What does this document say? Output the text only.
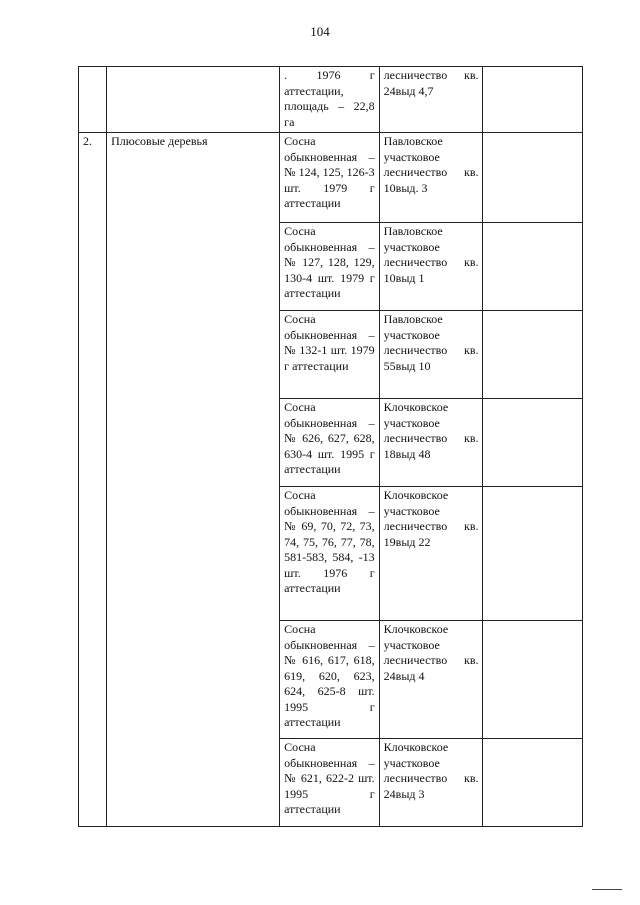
104
		. 1976 г аттестации, площадь – 22,8 га	лесничество кв. 24выд 4,7	
2.	Плюсовые деревья	Сосна обыкновенная – № 124, 125, 126-3 шт. 1979 г аттестации	Павловское участковое лесничество кв. 10выд. 3	
		Сосна обыкновенная – № 127, 128, 129, 130-4 шт. 1979 г аттестации	Павловское участковое лесничество кв. 10выд 1	
		Сосна обыкновенная – № 132-1 шт. 1979 г аттестации	Павловское участковое лесничество кв. 55выд 10	
		Сосна обыкновенная – № 626, 627, 628, 630-4 шт. 1995 г аттестации	Клочковское участковое лесничество кв. 18выд 48	
		Сосна обыкновенная – № 69, 70, 72, 73, 74, 75, 76, 77, 78, 581-583, 584, -13 шт. 1976 г аттестации	Клочковское участковое лесничество кв. 19выд 22	
		Сосна обыкновенная – № 616, 617, 618, 619, 620, 623, 624, 625-8 шт. 1995 г аттестации	Клочковское участковое лесничество кв. 24выд 4	
		Сосна обыкновенная – № 621, 622-2 шт. 1995 г аттестации	Клочковское участковое лесничество кв. 24выд 3	
